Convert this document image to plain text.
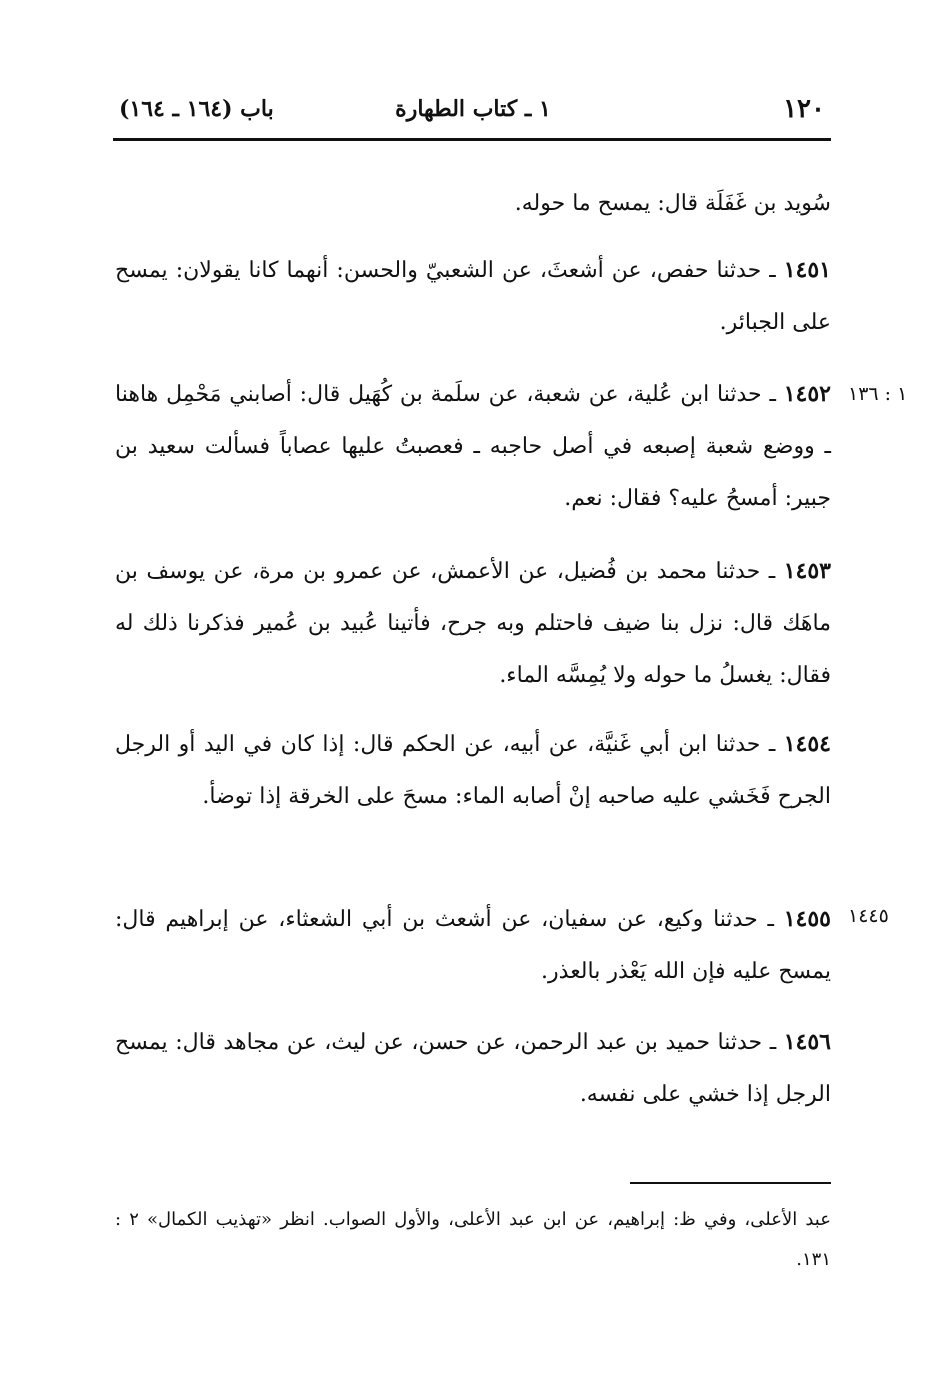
١٢٠
١ ـ كتاب الطهارة
باب (١٦٤ ـ ١٦٤)
سُويد بن غَفَلَة قال: يمسح ما حوله.
١٤٥١ ـ حدثنا حفص، عن أشعثَ، عن الشعبيّ والحسن: أنهما كانا يقولان: يمسح على الجبائر.
١٤٥٢ ـ حدثنا ابن عُلية، عن شعبة، عن سلَمة بن كُهَيل قال: أصابني مَحْمِل هاهنا ـ ووضع شعبة إصبعه في أصل حاجبه ـ فعصبتُ عليها عصاباً فسألت سعيد بن جبير: أمسحُ عليه؟ فقال: نعم.
١٤٥٣ ـ حدثنا محمد بن فُضيل، عن الأعمش، عن عمرو بن مرة، عن يوسف بن ماهَك قال: نزل بنا ضيف فاحتلم وبه جرح، فأتينا عُبيد بن عُمير فذكرنا ذلك له فقال: يغسلُ ما حوله ولا يُمِسَّه الماء.
١٤٥٤ ـ حدثنا ابن أبي غَنيَّة، عن أبيه، عن الحكم قال: إذا كان في اليد أو الرجل الجرح فَخَشي عليه صاحبه إنْ أصابه الماء: مسحَ على الخرقة إذا توضأ.
١٤٥٥ ـ حدثنا وكيع، عن سفيان، عن أشعث بن أبي الشعثاء، عن إبراهيم قال: يمسح عليه فإن الله يَعْذر بالعذر.
١٤٥٦ ـ حدثنا حميد بن عبد الرحمن، عن حسن، عن ليث، عن مجاهد قال: يمسح الرجل إذا خشي على نفسه.
١ : ١٣٦
١٤٤٥
عبد الأعلى، وفي ظ: إبراهيم، عن ابن عبد الأعلى، والأول الصواب. انظر «تهذيب الكمال» ٢ : ١٣١.
